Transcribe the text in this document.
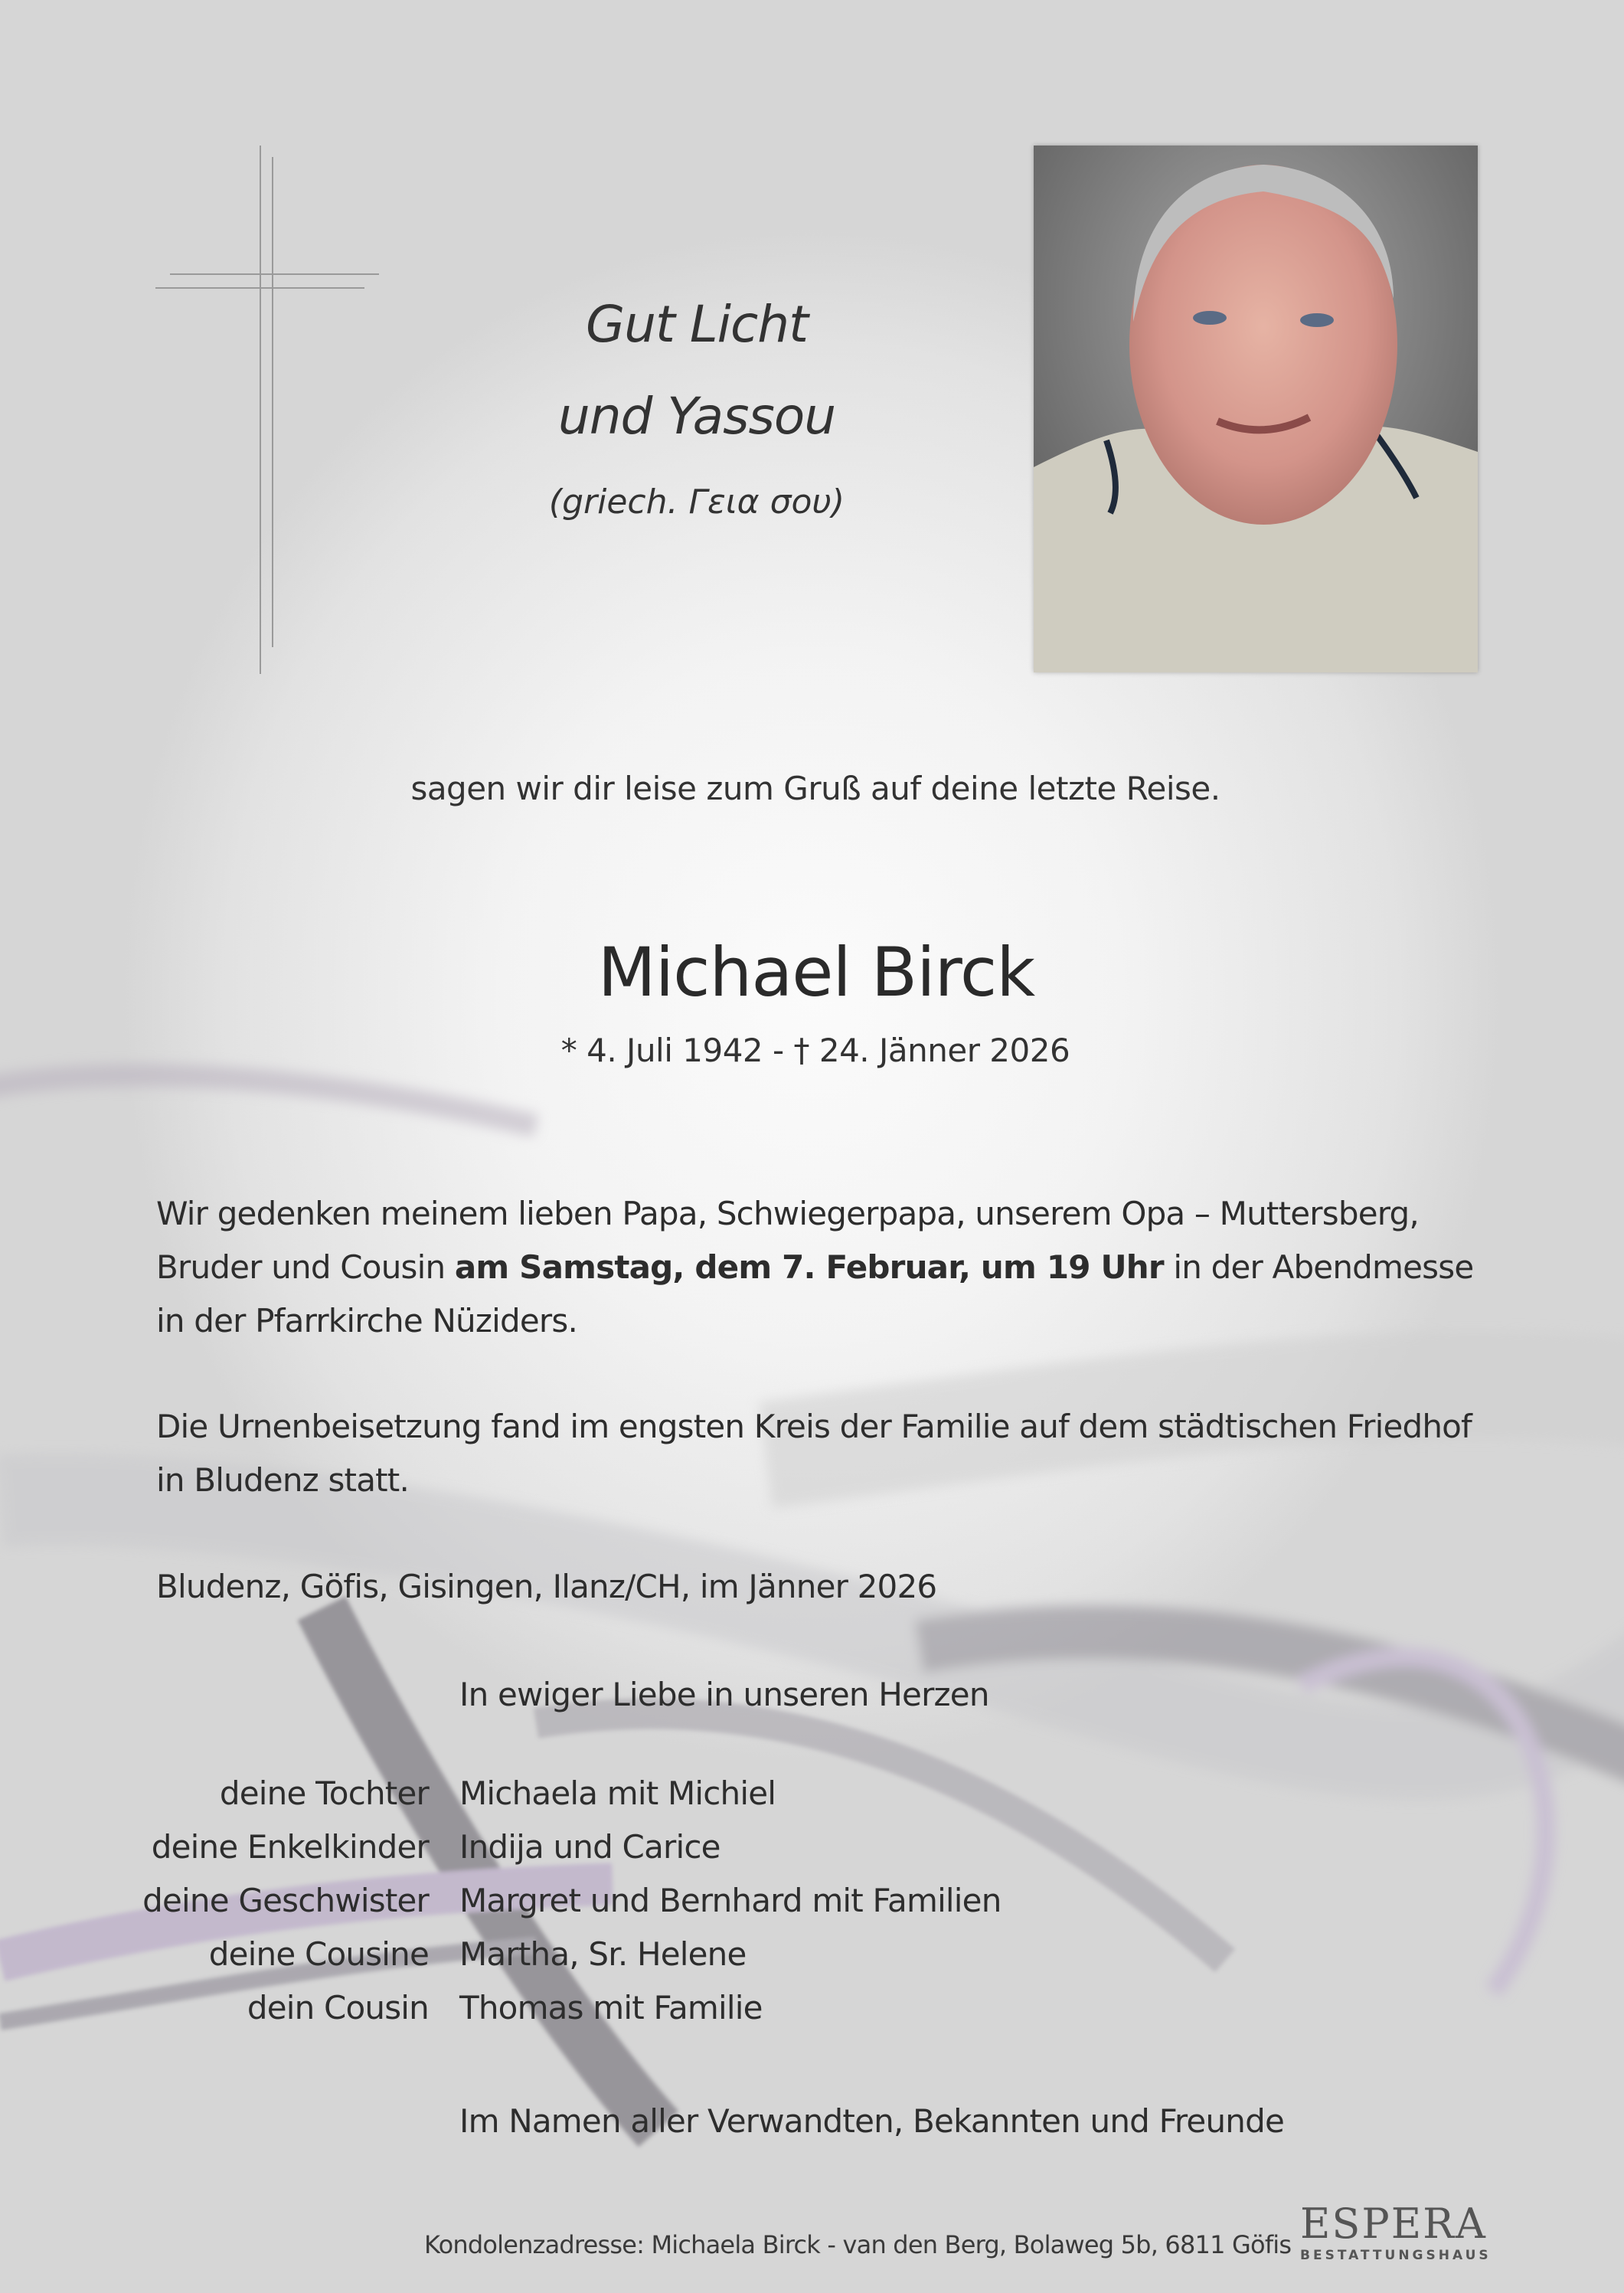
Gut Licht
und Yassou
(griech. Γεια σου)
sagen wir dir leise zum Gruß auf deine letzte Reise.
Michael Birck
* 4. Juli 1942 - † 24. Jänner 2026
Wir gedenken meinem lieben Papa, Schwiegerpapa, unserem Opa – Muttersberg,
Bruder und Cousin am Samstag, dem 7. Februar, um 19 Uhr in der Abendmesse
in der Pfarrkirche Nüziders.
Die Urnenbeisetzung fand im engsten Kreis der Familie auf dem städtischen Friedhof
in Bludenz statt.
Bludenz, Göfis, Gisingen, Ilanz/CH, im Jänner 2026
In ewiger Liebe in unseren Herzen
deine Tochter Michaela mit Michiel
deine Enkelkinder Indija und Carice
deine Geschwister Margret und Bernhard mit Familien
deine Cousine Martha, Sr. Helene
dein Cousin Thomas mit Familie
Im Namen aller Verwandten, Bekannten und Freunde
Kondolenzadresse: Michaela Birck - van den Berg, Bolaweg 5b, 6811 Göfis ESPERA
BESTATTUNGSHAUS
